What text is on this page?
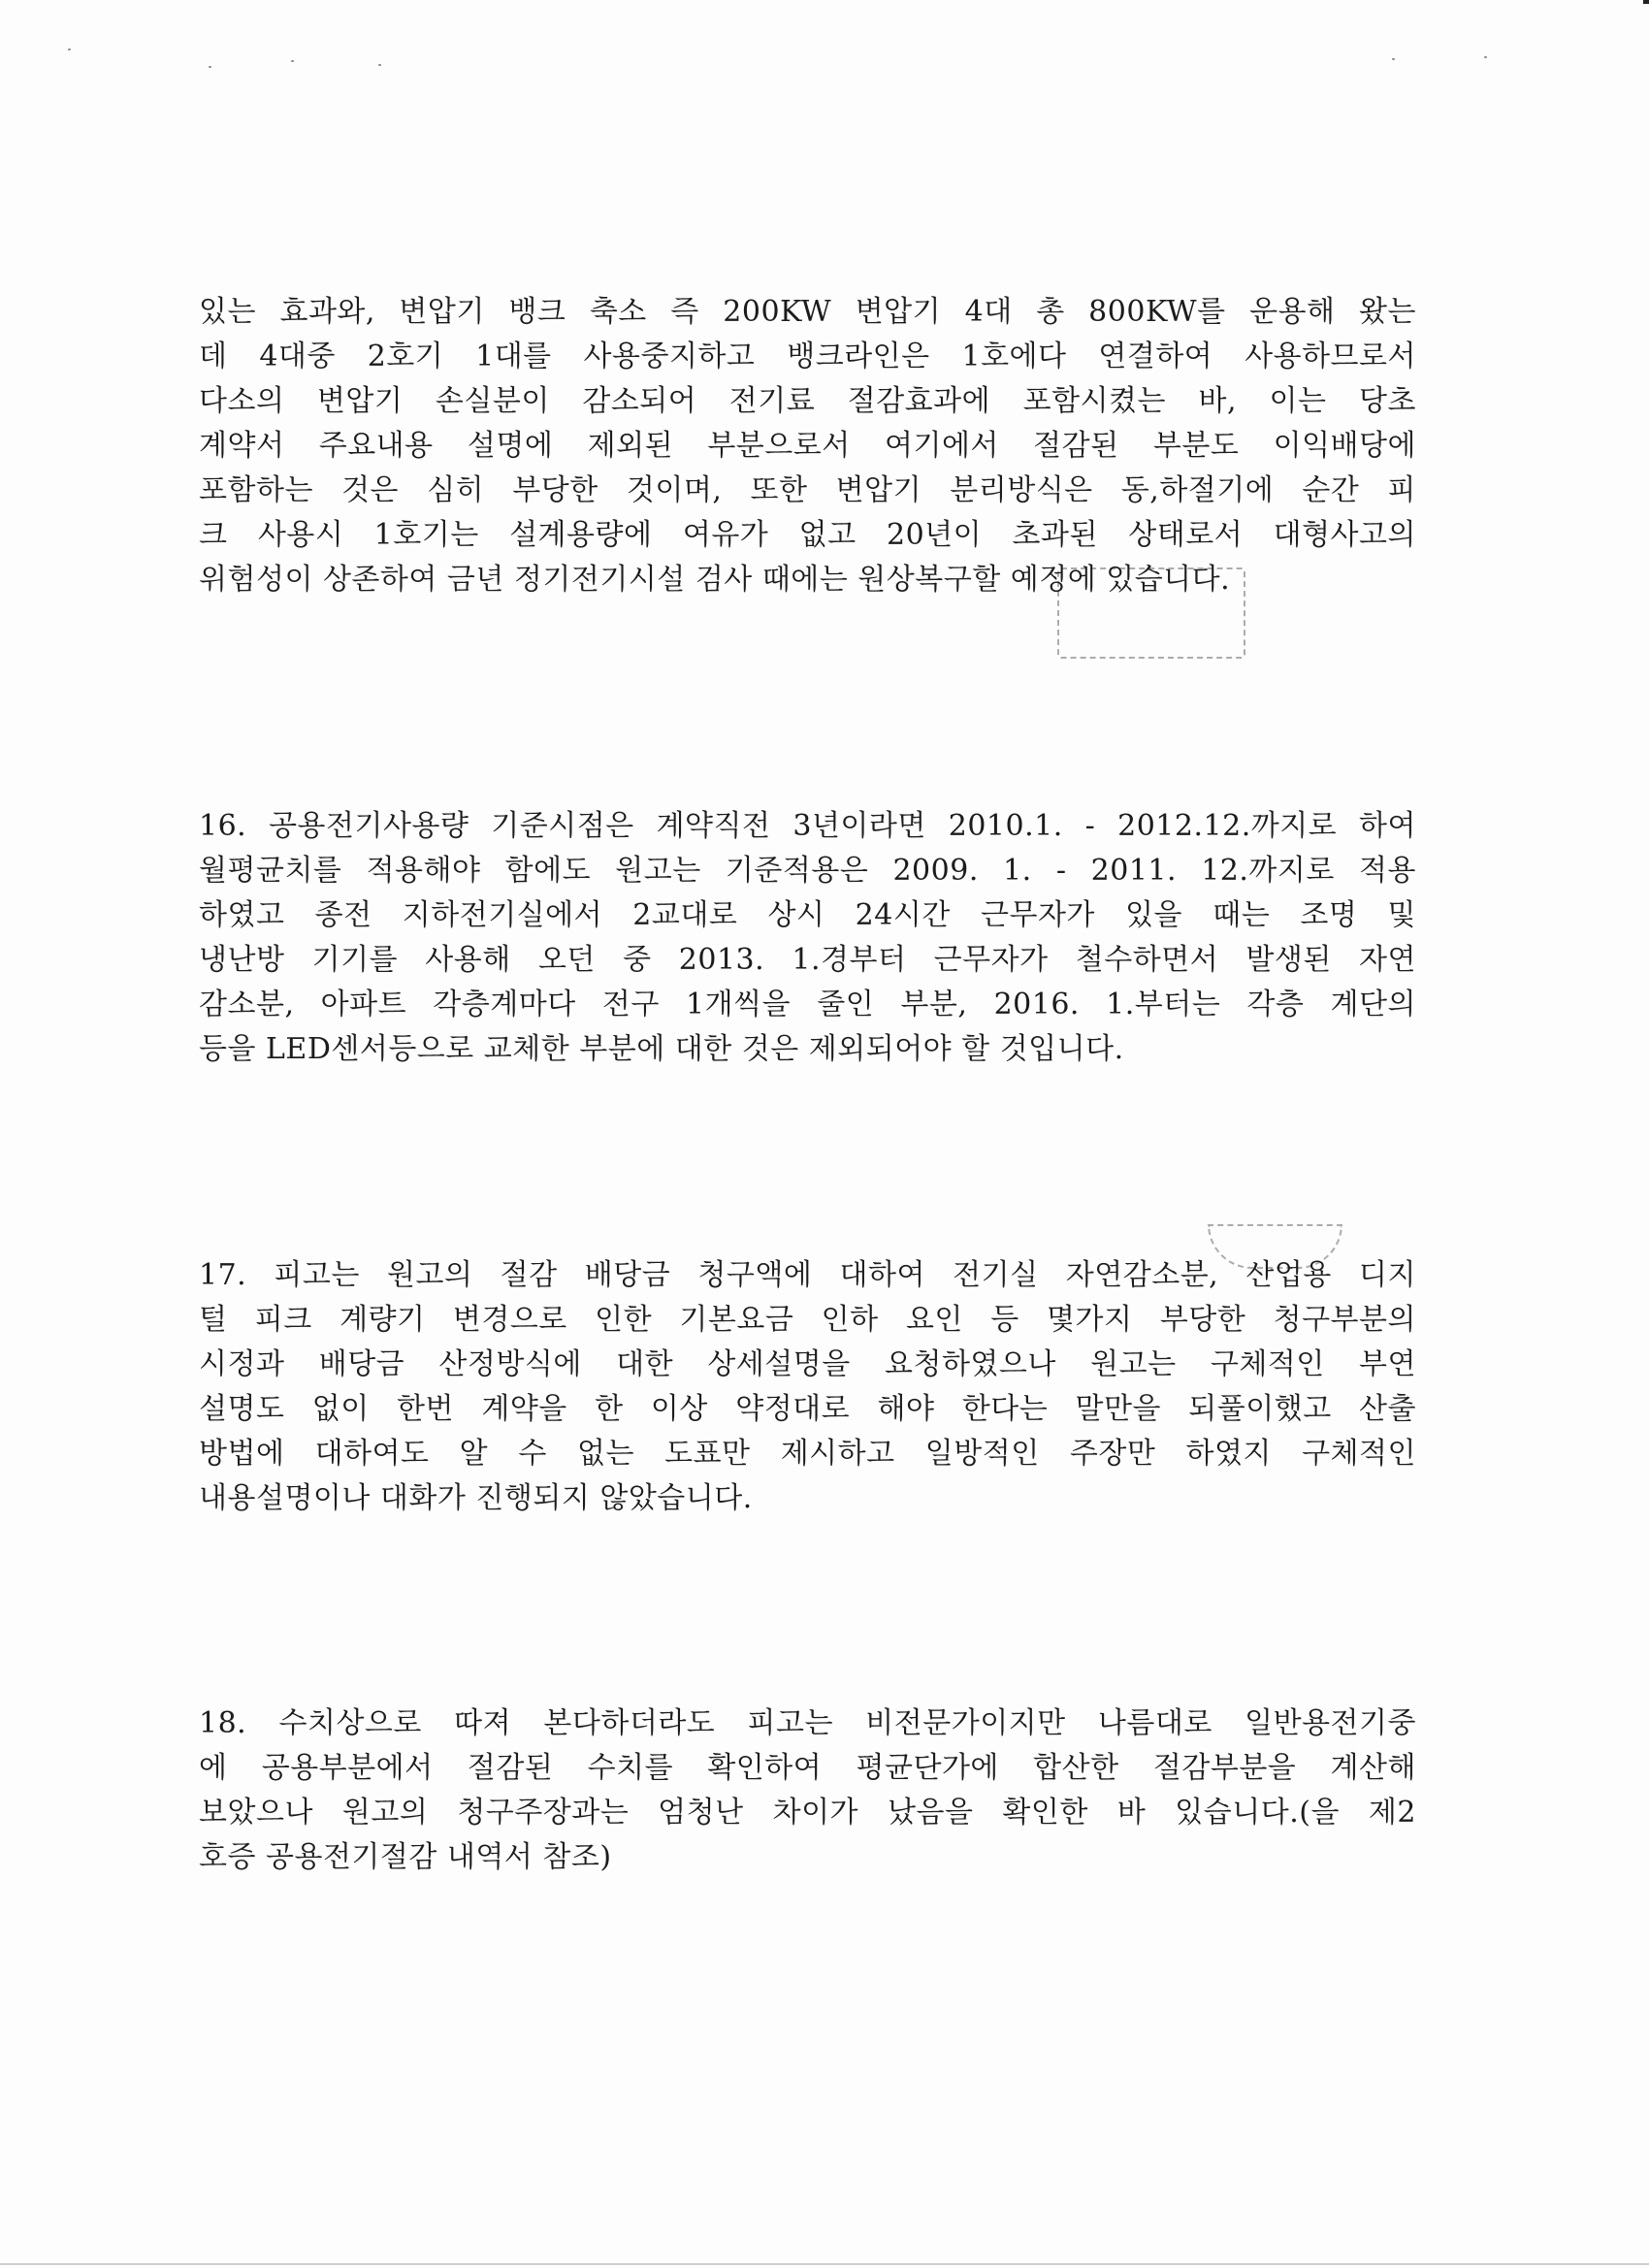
있는 효과와, 변압기 뱅크 축소 즉 200KW 변압기 4대 총 800KW를 운용해 왔는
데 4대중 2호기 1대를 사용중지하고 뱅크라인은 1호에다 연결하여 사용하므로서
다소의 변압기 손실분이 감소되어 전기료 절감효과에 포함시켰는 바, 이는 당초
계약서 주요내용 설명에 제외된 부분으로서 여기에서 절감된 부분도 이익배당에
포함하는 것은 심히 부당한 것이며, 또한 변압기 분리방식은 동,하절기에 순간 피
크 사용시 1호기는 설계용량에 여유가 없고 20년이 초과된 상태로서 대형사고의
위험성이 상존하여 금년 정기전기시설 검사 때에는 원상복구할 예정에 있습니다.
16. 공용전기사용량 기준시점은 계약직전 3년이라면 2010.1. - 2012.12.까지로 하여
월평균치를 적용해야 함에도 원고는 기준적용은 2009. 1. - 2011. 12.까지로 적용
하였고 종전 지하전기실에서 2교대로 상시 24시간 근무자가 있을 때는 조명 및
냉난방 기기를 사용해 오던 중 2013. 1.경부터 근무자가 철수하면서 발생된 자연
감소분, 아파트 각층계마다 전구 1개씩을 줄인 부분, 2016. 1.부터는 각층 계단의
등을 LED센서등으로 교체한 부분에 대한 것은 제외되어야 할 것입니다.
17. 피고는 원고의 절감 배당금 청구액에 대하여 전기실 자연감소분, 산업용 디지
털 피크 계량기 변경으로 인한 기본요금 인하 요인 등 몇가지 부당한 청구부분의
시정과 배당금 산정방식에 대한 상세설명을 요청하였으나 원고는 구체적인 부연
설명도 없이 한번 계약을 한 이상 약정대로 해야 한다는 말만을 되풀이했고 산출
방법에 대하여도 알 수 없는 도표만 제시하고 일방적인 주장만 하였지 구체적인
내용설명이나 대화가 진행되지 않았습니다.
18. 수치상으로 따져 본다하더라도 피고는 비전문가이지만 나름대로 일반용전기중
에 공용부분에서 절감된 수치를 확인하여 평균단가에 합산한 절감부분을 계산해
보았으나 원고의 청구주장과는 엄청난 차이가 났음을 확인한 바 있습니다.(을 제2
호증 공용전기절감 내역서 참조)
